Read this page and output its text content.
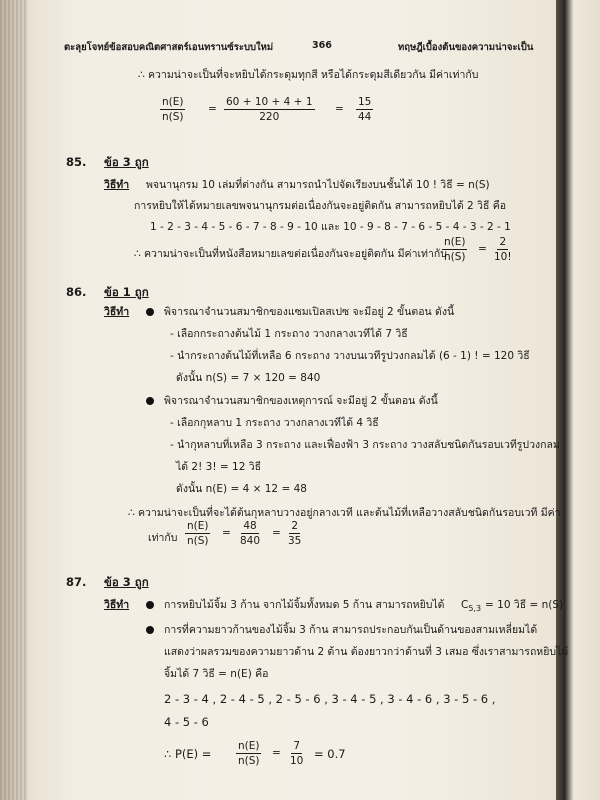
ตะลุยโจทย์ข้อสอบคณิตศาสตร์เอนทรานซ์ระบบใหม่	366	ทฤษฎีเบื้องต้นของความน่าจะเป็น
∴ ความน่าจะเป็นที่จะหยิบได้กระดุมทุกสี หรือได้กระดุมสีเดียวกัน มีค่าเท่ากับ
$\frac{n(E)}{n(S)} = \frac{60 + 10 + 4 + 1}{220} = \frac{15}{44}$
85. ข้อ 3 ถูก
วิธีทำ พจนานุกรม 10 เล่มที่ต่างกัน สามารถนำไปจัดเรียงบนชั้นได้ 10 ! วิธี = n(S)
การหยิบให้ได้หมายเลขพจนานุกรมต่อเนื่องกันจะอยู่ติดกัน สามารถหยิบได้ 2 วิธี คือ
1 - 2 - 3 - 4 - 5 - 6 - 7 - 8 - 9 - 10 และ 10 - 9 - 8 - 7 - 6 - 5 - 4 - 3 - 2 - 1
∴ ความน่าจะเป็นที่หนังสือหมายเลขต่อเนื่องกันจะอยู่ติดกัน มีค่าเท่ากับ
$\frac{n(E)}{n(S)} = \frac{2}{10!}$
86. ข้อ 1 ถูก
วิธีทำ	พิจารณาจำนวนสมาชิกของแซมเปิลสเปซ จะมีอยู่ 2 ขั้นตอน ดังนี้
- เลือกกระถางต้นไม้ 1 กระถาง วางกลางเวทีได้ 7 วิธี
- นำกระถางต้นไม้ที่เหลือ 6 กระถาง วางบนเวทีรูปวงกลมได้ (6 - 1) ! = 120 วิธี
ดังนั้น n(S) = 7 × 120 = 840
พิจารณาจำนวนสมาชิกของเหตุการณ์ จะมีอยู่ 2 ขั้นตอน ดังนี้
- เลือกกุหลาบ 1 กระถาง วางกลางเวทีได้ 4 วิธี
- นำกุหลาบที่เหลือ 3 กระถาง และเฟื่องฟ้า 3 กระถาง วางสลับชนิดกันรอบเวทีรูปวงกลม
ได้ 2! 3! = 12 วิธี
ดังนั้น n(E) = 4 × 12 = 48
∴ ความน่าจะเป็นที่จะได้ต้นกุหลาบวางอยู่กลางเวที และต้นไม้ที่เหลือวางสลับชนิดกันรอบเวที มีค่า
เท่ากับ $\frac{n(E)}{n(S)} = \frac{48}{840} = \frac{2}{35}$
87. ข้อ 3 ถูก
วิธีทำ	การหยิบไม้จิ้ม 3 ก้าน จากไม้จิ้มทั้งหมด 5 ก้าน สามารถหยิบได้ $C_{5,3} = 10$ วิธี = n(S)
การที่ความยาวก้านของไม้จิ้ม 3 ก้าน สามารถประกอบกันเป็นด้านของสามเหลี่ยมได้
แสดงว่าผลรวมของความยาวด้าน 2 ด้าน ต้องยาวกว่าด้านที่ 3 เสมอ ซึ่งเราสามารถหยิบไม้
จิ้มได้ 7 วิธี = n(E) คือ
2 - 3 - 4 , 2 - 4 - 5 , 2 - 5 - 6 , 3 - 4 - 5 , 3 - 4 - 6 , 3 - 5 - 6 ,
4 - 5 - 6
∴ $P(E) = \frac{n(E)}{n(S)} = \frac{7}{10} = 0.7$
